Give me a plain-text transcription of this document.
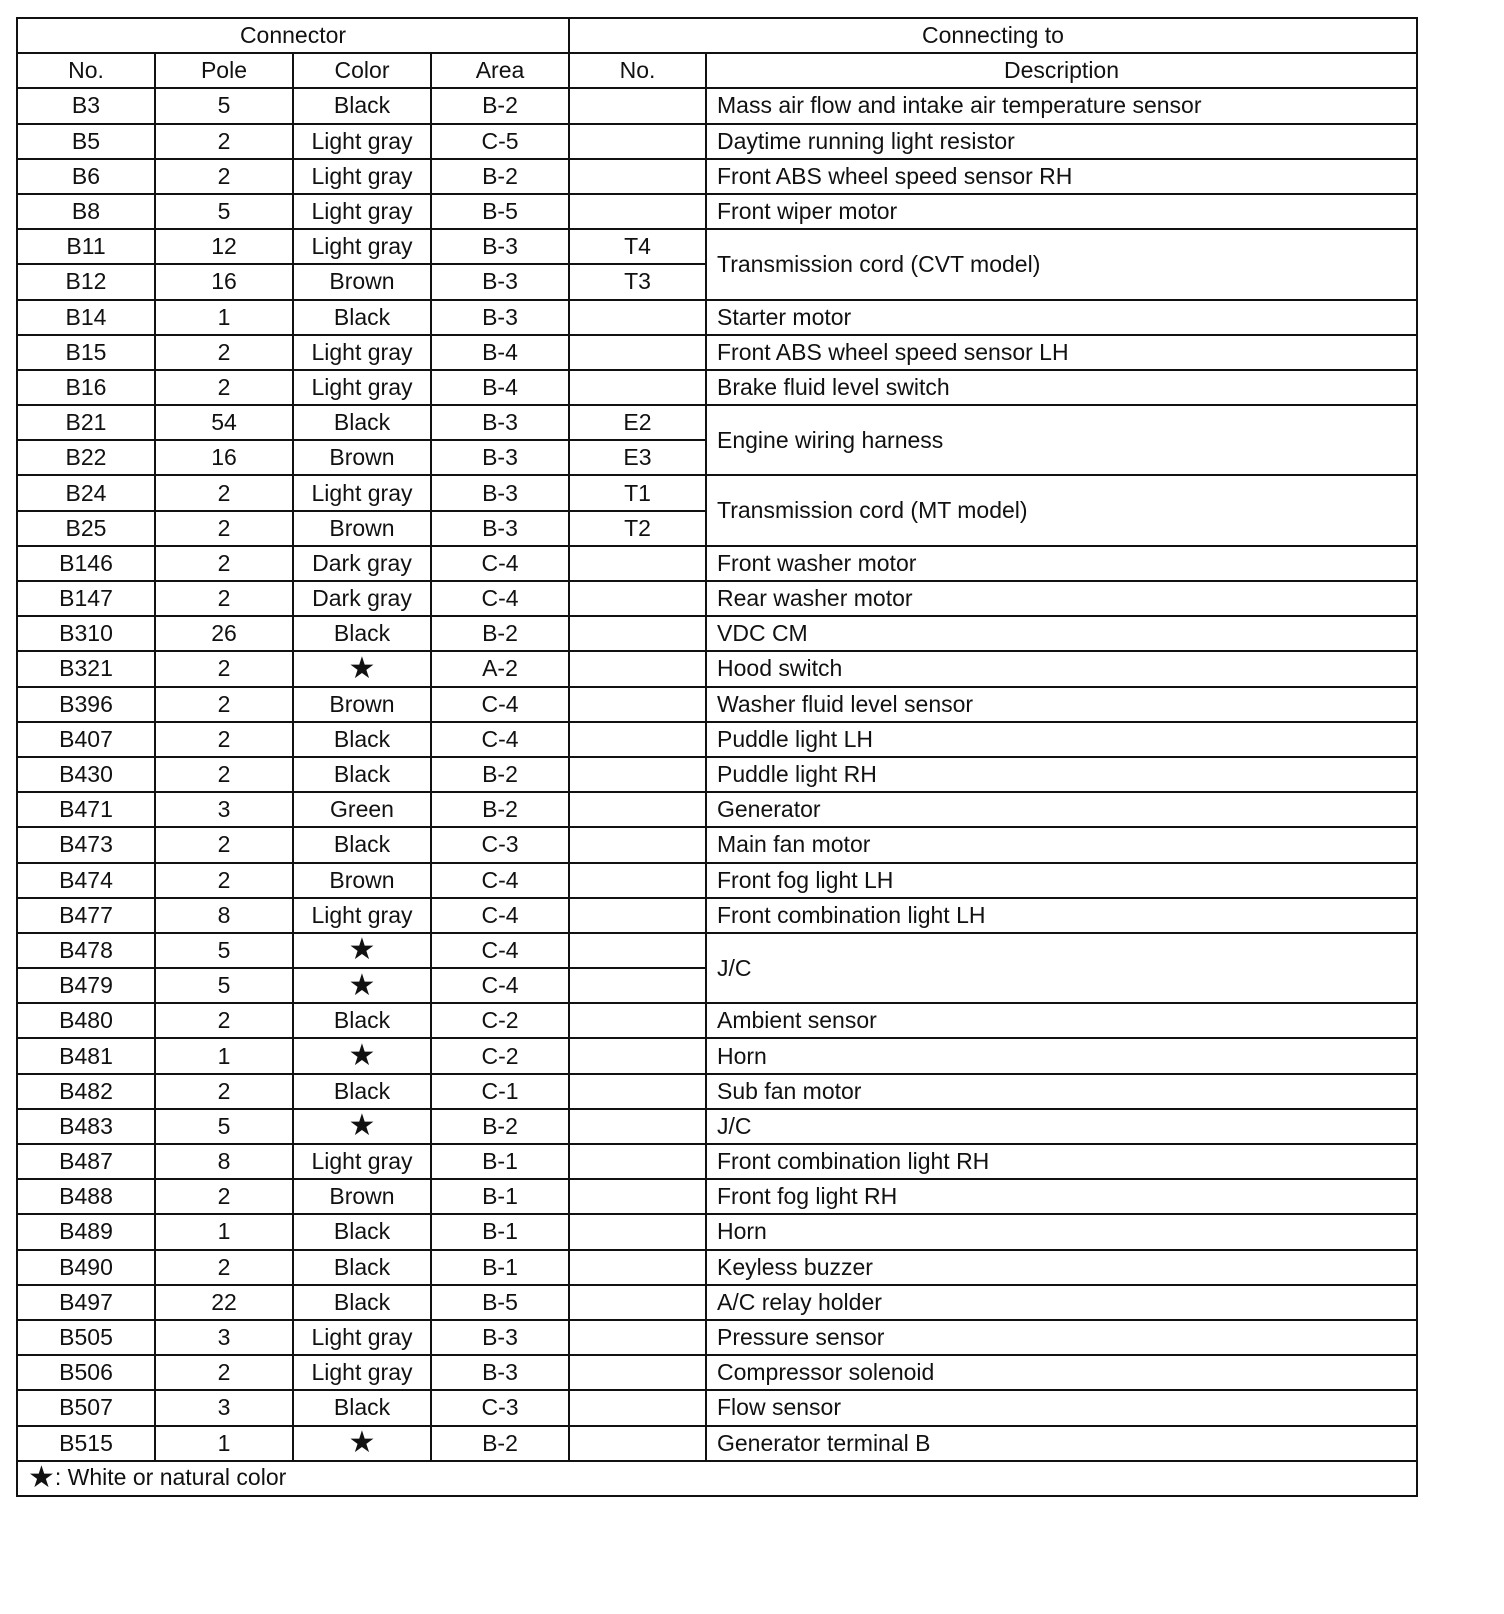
Connector				Connecting to	
No.	Pole	Color	Area	No.	Description
B3	5	Black	B-2		Mass air flow and intake air temperature sensor
B5	2	Light gray	C-5		Daytime running light resistor
B6	2	Light gray	B-2		Front ABS wheel speed sensor RH
B8	5	Light gray	B-5		Front wiper motor
B11	12	Light gray	B-3	T4	Transmission cord (CVT model)
B12	16	Brown	B-3	T3	
B14	1	Black	B-3		Starter motor
B15	2	Light gray	B-4		Front ABS wheel speed sensor LH
B16	2	Light gray	B-4		Brake fluid level switch
B21	54	Black	B-3	E2	Engine wiring harness
B22	16	Brown	B-3	E3	
B24	2	Light gray	B-3	T1	Transmission cord (MT model)
B25	2	Brown	B-3	T2	
B146	2	Dark gray	C-4		Front washer motor
B147	2	Dark gray	C-4		Rear washer motor
B310	26	Black	B-2		VDC CM
B321	2	★	A-2		Hood switch
B396	2	Brown	C-4		Washer fluid level sensor
B407	2	Black	C-4		Puddle light LH
B430	2	Black	B-2		Puddle light RH
B471	3	Green	B-2		Generator
B473	2	Black	C-3		Main fan motor
B474	2	Brown	C-4		Front fog light LH
B477	8	Light gray	C-4		Front combination light LH
B478	5	★	C-4		J/C
B479	5	★	C-4		
B480	2	Black	C-2		Ambient sensor
B481	1	★	C-2		Horn
B482	2	Black	C-1		Sub fan motor
B483	5	★	B-2		J/C
B487	8	Light gray	B-1		Front combination light RH
B488	2	Brown	B-1		Front fog light RH
B489	1	Black	B-1		Horn
B490	2	Black	B-1		Keyless buzzer
B497	22	Black	B-5		A/C relay holder
B505	3	Light gray	B-3		Pressure sensor
B506	2	Light gray	B-3		Compressor solenoid
B507	3	Black	C-3		Flow sensor
B515	1	★	B-2		Generator terminal B
★: White or natural color					
